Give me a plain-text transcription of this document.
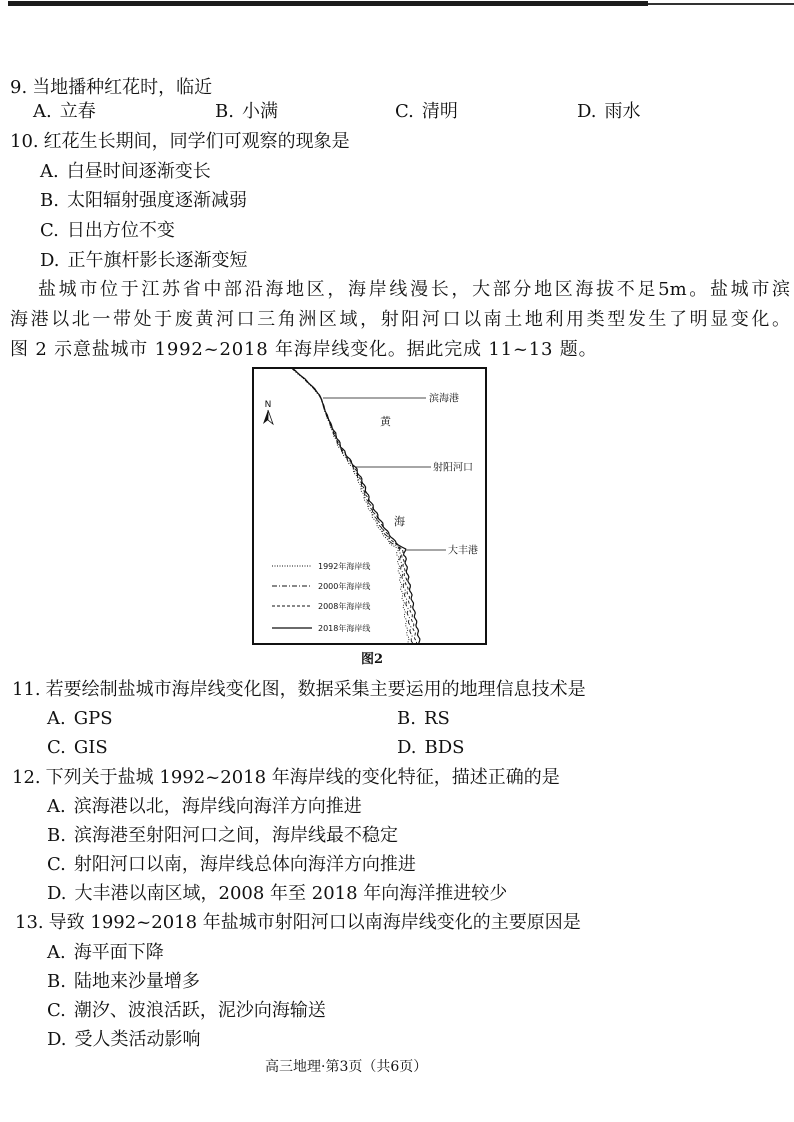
9. 当地播种红花时，临近
A. 立春	B. 小满	C. 清明	D. 雨水
10. 红花生长期间，同学们可观察的现象是
A. 白昼时间逐渐变长
B. 太阳辐射强度逐渐减弱
C. 日出方位不变
D. 正午旗杆影长逐渐变短
盐城市位于江苏省中部沿海地区，海岸线漫长，大部分地区海拔不足5m。盐城市滨
海港以北一带处于废黄河口三角洲区域，射阳河口以南土地利用类型发生了明显变化。
图 2 示意盐城市 1992~2018 年海岸线变化。据此完成 11~13 题。
N
滨海港
黄
射阳河口
海
大丰港
1992年海岸线
2000年海岸线
2008年海岸线
2018年海岸线
图2
11. 若要绘制盐城市海岸线变化图，数据采集主要运用的地理信息技术是
A. GPS	B. RS
C. GIS	D. BDS
12. 下列关于盐城 1992~2018 年海岸线的变化特征，描述正确的是
A. 滨海港以北，海岸线向海洋方向推进
B. 滨海港至射阳河口之间，海岸线最不稳定
C. 射阳河口以南，海岸线总体向海洋方向推进
D. 大丰港以南区域，2008 年至 2018 年向海洋推进较少
13. 导致 1992~2018 年盐城市射阳河口以南海岸线变化的主要原因是
A. 海平面下降
B. 陆地来沙量增多
C. 潮汐、波浪活跃，泥沙向海输送
D. 受人类活动影响
高三地理·第3页（共6页）
